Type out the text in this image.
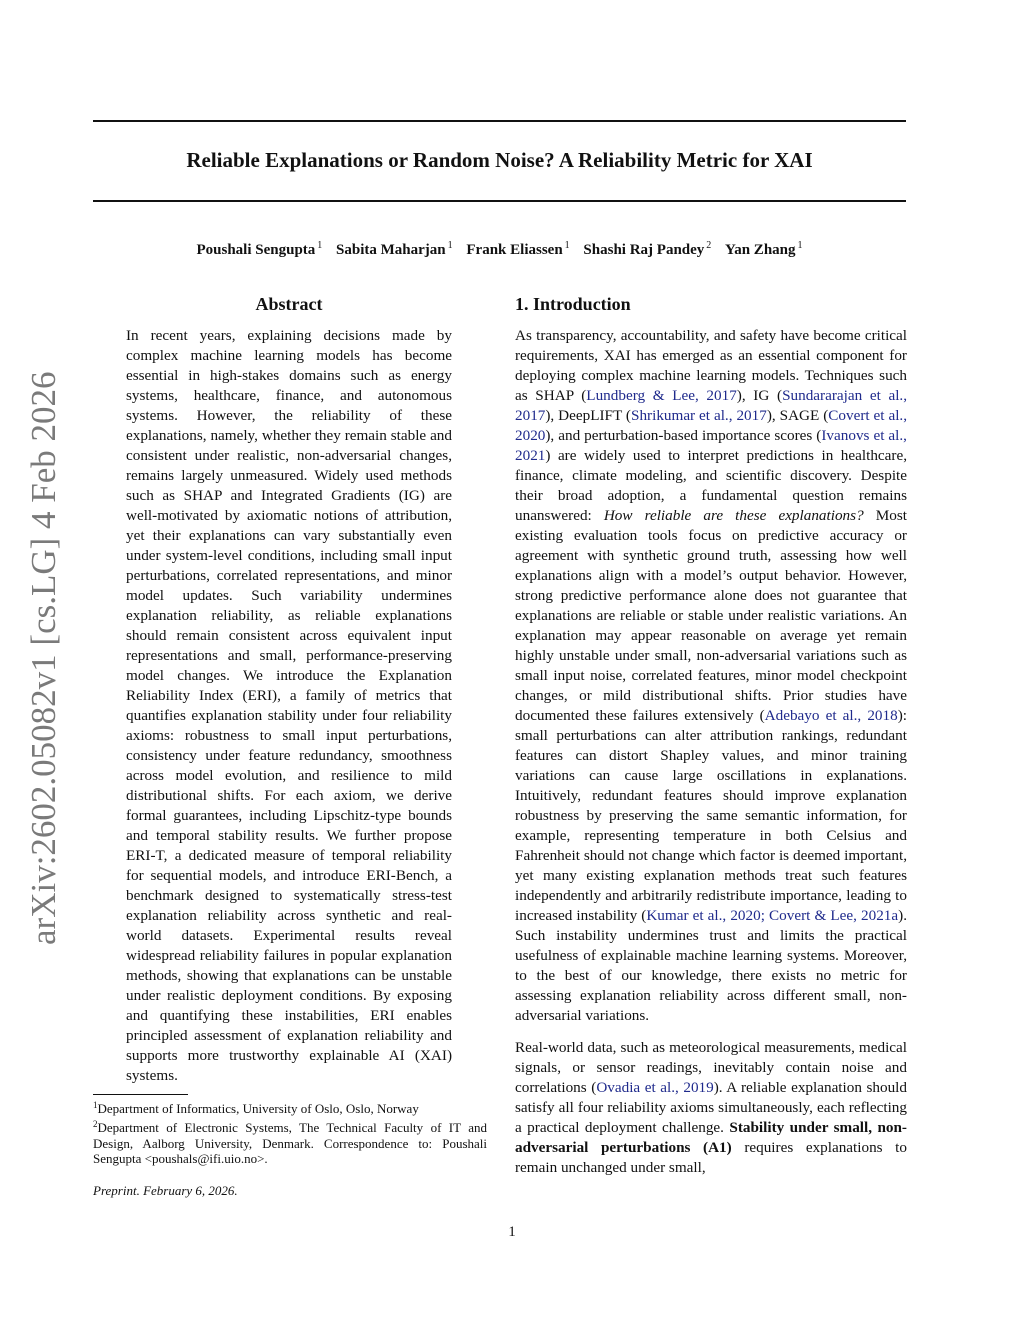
Reliable Explanations or Random Noise? A Reliability Metric for XAI
Poushali Sengupta $^1$ Sabita Maharjan $^1$ Frank Eliassen $^1$ Shashi Raj Pandey $^2$ Yan Zhang $^1$
arXiv:2602.05082v1 [cs.LG] 4 Feb 2026
Abstract

In recent years, explaining decisions made by complex machine learning models has become essential in high-stakes domains such as energy systems, healthcare, finance, and autonomous systems. However, the reliability of these explanations, namely, whether they remain stable and consistent under realistic, non-adversarial changes, remains largely unmeasured. Widely used methods such as SHAP and Integrated Gradients (IG) are well-motivated by axiomatic notions of attribution, yet their explanations can vary substantially even under system-level conditions, including small input perturbations, correlated representations, and minor model updates. Such variability undermines explanation reliability, as reliable explanations should remain consistent across equivalent input representations and small, performance-preserving model changes. We introduce the Explanation Reliability Index (ERI), a family of metrics that quantifies explanation stability under four reliability axioms: robustness to small input perturbations, consistency under feature redundancy, smoothness across model evolution, and resilience to mild distributional shifts. For each axiom, we derive formal guarantees, including Lipschitz-type bounds and temporal stability results. We further propose ERI-T, a dedicated measure of temporal reliability for sequential models, and introduce ERI-Bench, a benchmark designed to systematically stress-test explanation reliability across synthetic and real-world datasets. Experimental results reveal widespread reliability failures in popular explanation methods, showing that explanations can be unstable under realistic deployment conditions. By exposing and quantifying these instabilities, ERI enables principled assessment of explanation reliability and supports more trustworthy explainable AI (XAI) systems.

1. Introduction

As transparency, accountability, and safety have become critical requirements, XAI has emerged as an essential component for deploying complex machine learning models. Techniques such as SHAP (Lundberg & Lee, 2017), IG (Sundararajan et al., 2017), DeepLIFT (Shrikumar et al., 2017), SAGE (Covert et al., 2020), and perturbation-based importance scores (Ivanovs et al., 2021) are widely used to interpret predictions in healthcare, finance, climate modeling, and scientific discovery. Despite their broad adoption, a fundamental question remains unanswered: How reliable are these explanations? Most existing evaluation tools focus on predictive accuracy or agreement with synthetic ground truth, assessing how well explanations align with a model’s output behavior. However, strong predictive performance alone does not guarantee that explanations are reliable or stable under realistic variations. An explanation may appear reasonable on average yet remain highly unstable under small, non-adversarial variations such as small input noise, correlated features, minor model checkpoint changes, or mild distributional shifts. Prior studies have documented these failures extensively (Adebayo et al., 2018): small perturbations can alter attribution rankings, redundant features can distort Shapley values, and minor training variations can cause large oscillations in explanations. Intuitively, redundant features should improve explanation robustness by preserving the same semantic information, for example, representing temperature in both Celsius and Fahrenheit should not change which factor is deemed important, yet many existing explanation methods treat such features independently and arbitrarily redistribute importance, leading to increased instability (Kumar et al., 2020; Covert & Lee, 2021a). Such instability undermines trust and limits the practical usefulness of explainable machine learning systems. Moreover, to the best of our knowledge, there exists no metric for assessing explanation reliability across different small, non-adversarial variations.

Real-world data, such as meteorological measurements, medical signals, or sensor readings, inevitably contain noise and correlations (Ovadia et al., 2019). A reliable explanation should satisfy all four reliability axioms simultaneously, each reflecting a practical deployment challenge. Stability under small, non-adversarial perturbations (A1) requires explanations to remain unchanged under small,

$^1$Department of Informatics, University of Oslo, Oslo, Norway

$^2$Department of Electronic Systems, The Technical Faculty of IT and Design, Aalborg University, Denmark. Correspondence to: Poushali Sengupta <poushals@ifi.uio.no>.

Preprint. February 6, 2026.
1
